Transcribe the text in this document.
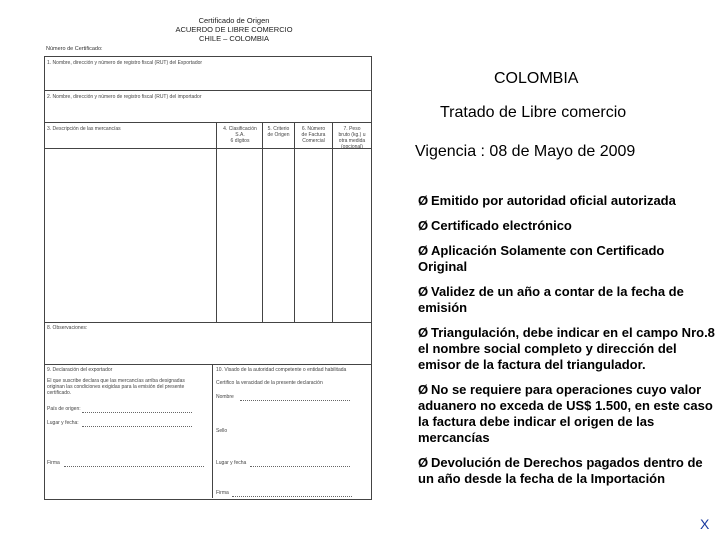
Certificado de Origen
ACUERDO DE LIBRE COMERCIO
CHILE – COLOMBIA
Número de Certificado:
1. Nombre, dirección y número de registro fiscal (RUT) del Exportador
2. Nombre, dirección y número de registro fiscal (RUT) del importador
3. Descripción de las mercancías	4. Clasificación
S.A.
6 dígitos
5. Criterio
de Origen
6. Número
de Factura
Comercial
7. Peso
bruto (kg.) u
otra medida
(opcional)
8. Observaciones:
9. Declaración del exportador
El que suscribe declara que las mercancías arriba designadas
originan las condiciones exigidas para la emisión del presente
certificado.
País de origen:
Lugar y fecha:
Firma
10. Visado de la autoridad competente o entidad habilitada
Certifico la veracidad de la presente declaración
Nombre
Sello
Lugar y fecha
Firma
COLOMBIA
Tratado de Libre comercio
Vigencia : 08 de Mayo de 2009
Ø Emitido por autoridad oficial autorizada
Ø Certificado electrónico
Ø Aplicación Solamente con Certificado Original
Ø Validez de un año a contar de la fecha de emisión
Ø Triangulación, debe indicar en el campo Nro.8 el nombre social completo y dirección del emisor de la factura del triangulador.
Ø No se requiere para operaciones cuyo valor aduanero no exceda de US$ 1.500, en este caso la factura debe indicar el origen de las mercancías
Ø Devolución de Derechos pagados dentro de un año desde la fecha de la Importación
X
